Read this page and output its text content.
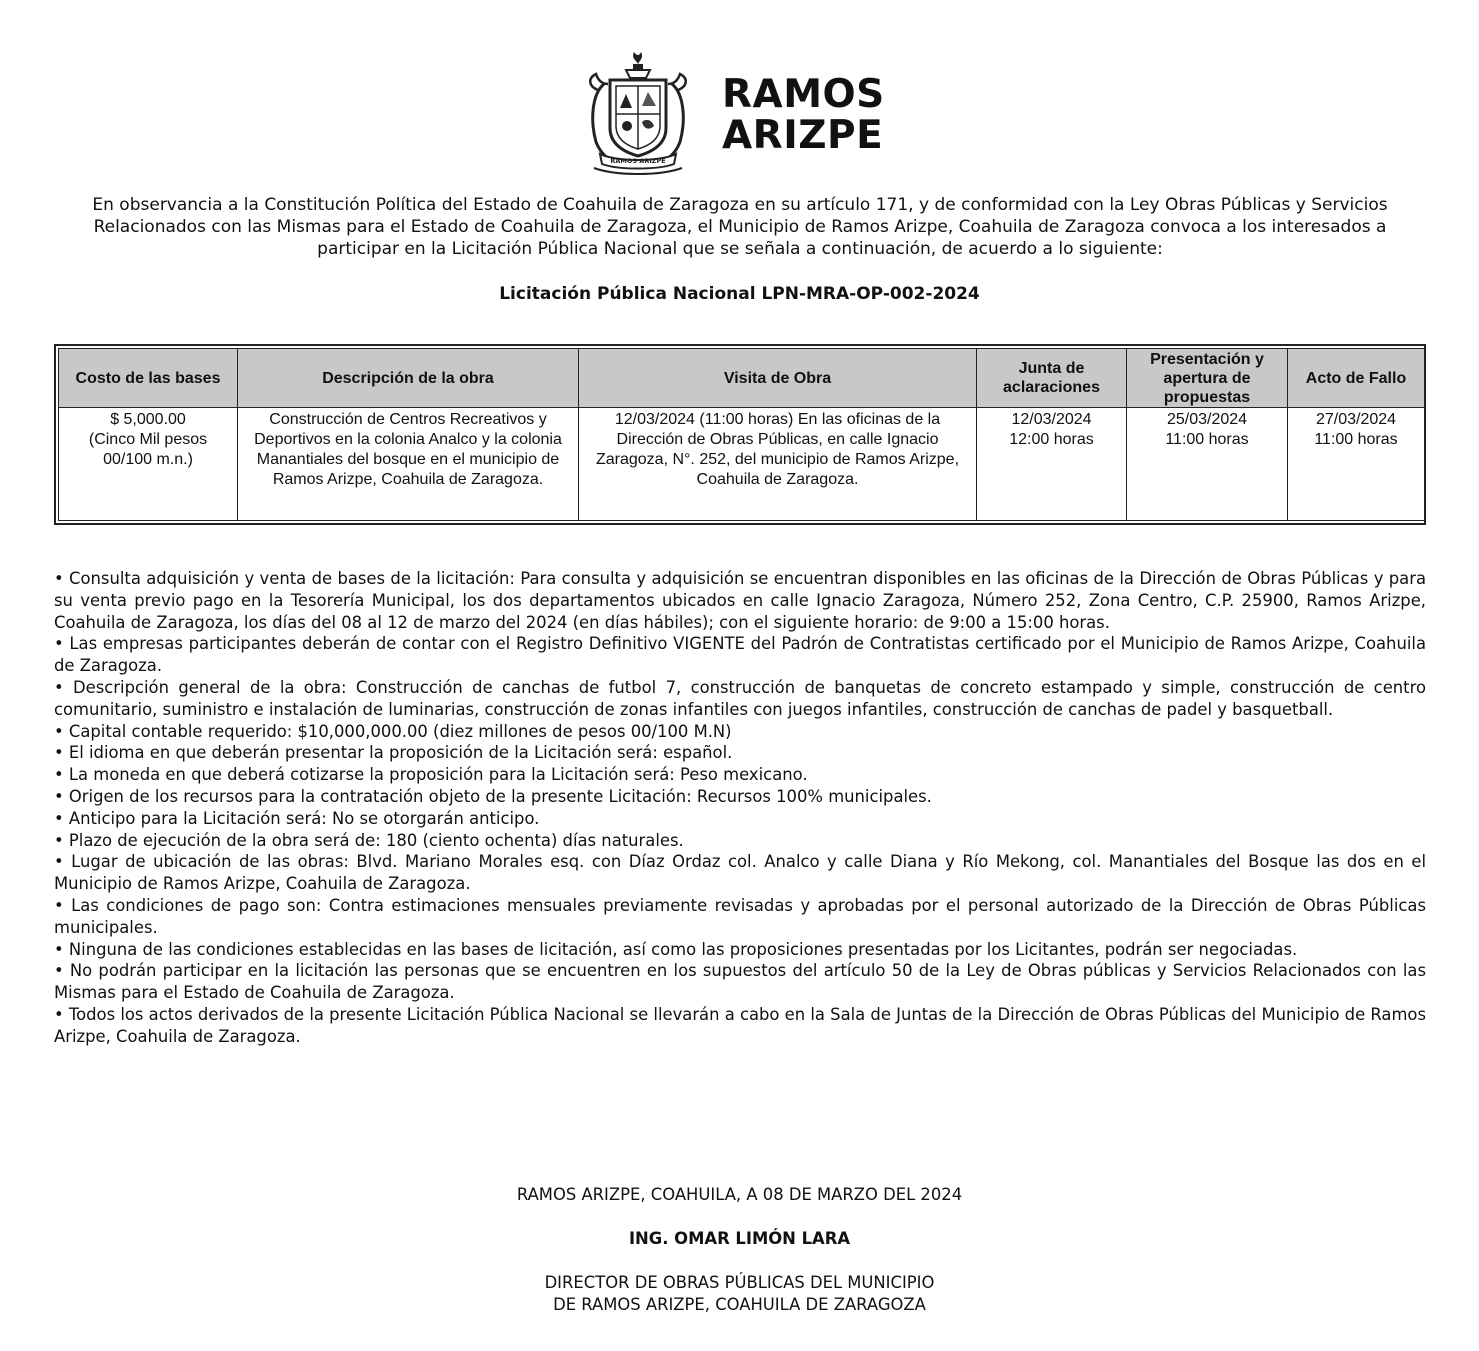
RAMOS ARIZPE
RAMOS
ARIZPE
En observancia a la Constitución Política del Estado de Coahuila de Zaragoza en su artículo 171, y de conformidad con la Ley Obras Públicas y Servicios Relacionados con las Mismas para el Estado de Coahuila de Zaragoza, el Municipio de Ramos Arizpe, Coahuila de Zaragoza convoca a los interesados a participar en la Licitación Pública Nacional que se señala a continuación, de acuerdo a lo siguiente:
Licitación Pública Nacional LPN-MRA-OP-002-2024
Costo de las bases	Descripción de la obra	Visita de Obra	Junta de aclaraciones	Presentación y apertura de propuestas	Acto de Fallo

$ 5,000.00
(Cinco Mil pesos
00/100 m.n.)	Construcción de Centros Recreativos y Deportivos en la colonia Analco y la colonia Manantiales del bosque en el municipio de Ramos Arizpe, Coahuila de Zaragoza.	12/03/2024 (11:00 horas) En las oficinas de la Dirección de Obras Públicas, en calle Ignacio Zaragoza, N°. 252, del municipio de Ramos Arizpe, Coahuila de Zaragoza.	12/03/2024
12:00 horas	25/03/2024
11:00 horas	27/03/2024
11:00 horas

• Consulta adquisición y venta de bases de la licitación: Para consulta y adquisición se encuentran disponibles en las oficinas de la Dirección de Obras Públicas y para su venta previo pago en la Tesorería Municipal, los dos departamentos ubicados en calle Ignacio Zaragoza, Número 252, Zona Centro, C.P. 25900, Ramos Arizpe, Coahuila de Zaragoza, los días del 08 al 12 de marzo del 2024 (en días hábiles); con el siguiente horario: de 9:00 a 15:00 horas.

• Las empresas participantes deberán de contar con el Registro Definitivo VIGENTE del Padrón de Contratistas certificado por el Municipio de Ramos Arizpe, Coahuila de Zaragoza.

• Descripción general de la obra: Construcción de canchas de futbol 7, construcción de banquetas de concreto estampado y simple, construcción de centro comunitario, suministro e instalación de luminarias, construcción de zonas infantiles con juegos infantiles, construcción de canchas de padel y basquetball.

• Capital contable requerido: $10,000,000.00 (diez millones de pesos 00/100 M.N)

• El idioma en que deberán presentar la proposición de la Licitación será: español.

• La moneda en que deberá cotizarse la proposición para la Licitación será: Peso mexicano.

• Origen de los recursos para la contratación objeto de la presente Licitación: Recursos 100% municipales.

• Anticipo para la Licitación será: No se otorgarán anticipo.

• Plazo de ejecución de la obra será de: 180 (ciento ochenta) días naturales.

• Lugar de ubicación de las obras: Blvd. Mariano Morales esq. con Díaz Ordaz col. Analco y calle Diana y Río Mekong, col. Manantiales del Bosque las dos en el Municipio de Ramos Arizpe, Coahuila de Zaragoza.

• Las condiciones de pago son: Contra estimaciones mensuales previamente revisadas y aprobadas por el personal autorizado de la Dirección de Obras Públicas municipales.

• Ninguna de las condiciones establecidas en las bases de licitación, así como las proposiciones presentadas por los Licitantes, podrán ser negociadas.

• No podrán participar en la licitación las personas que se encuentren en los supuestos del artículo 50 de la Ley de Obras públicas y Servicios Relacionados con las Mismas para el Estado de Coahuila de Zaragoza.

• Todos los actos derivados de la presente Licitación Pública Nacional se llevarán a cabo en la Sala de Juntas de la Dirección de Obras Públicas del Municipio de Ramos Arizpe, Coahuila de Zaragoza.

RAMOS ARIZPE, COAHUILA, A 08 DE MARZO DEL 2024
ING. OMAR LIMÓN LARA
DIRECTOR DE OBRAS PÚBLICAS DEL MUNICIPIO
DE RAMOS ARIZPE, COAHUILA DE ZARAGOZA
